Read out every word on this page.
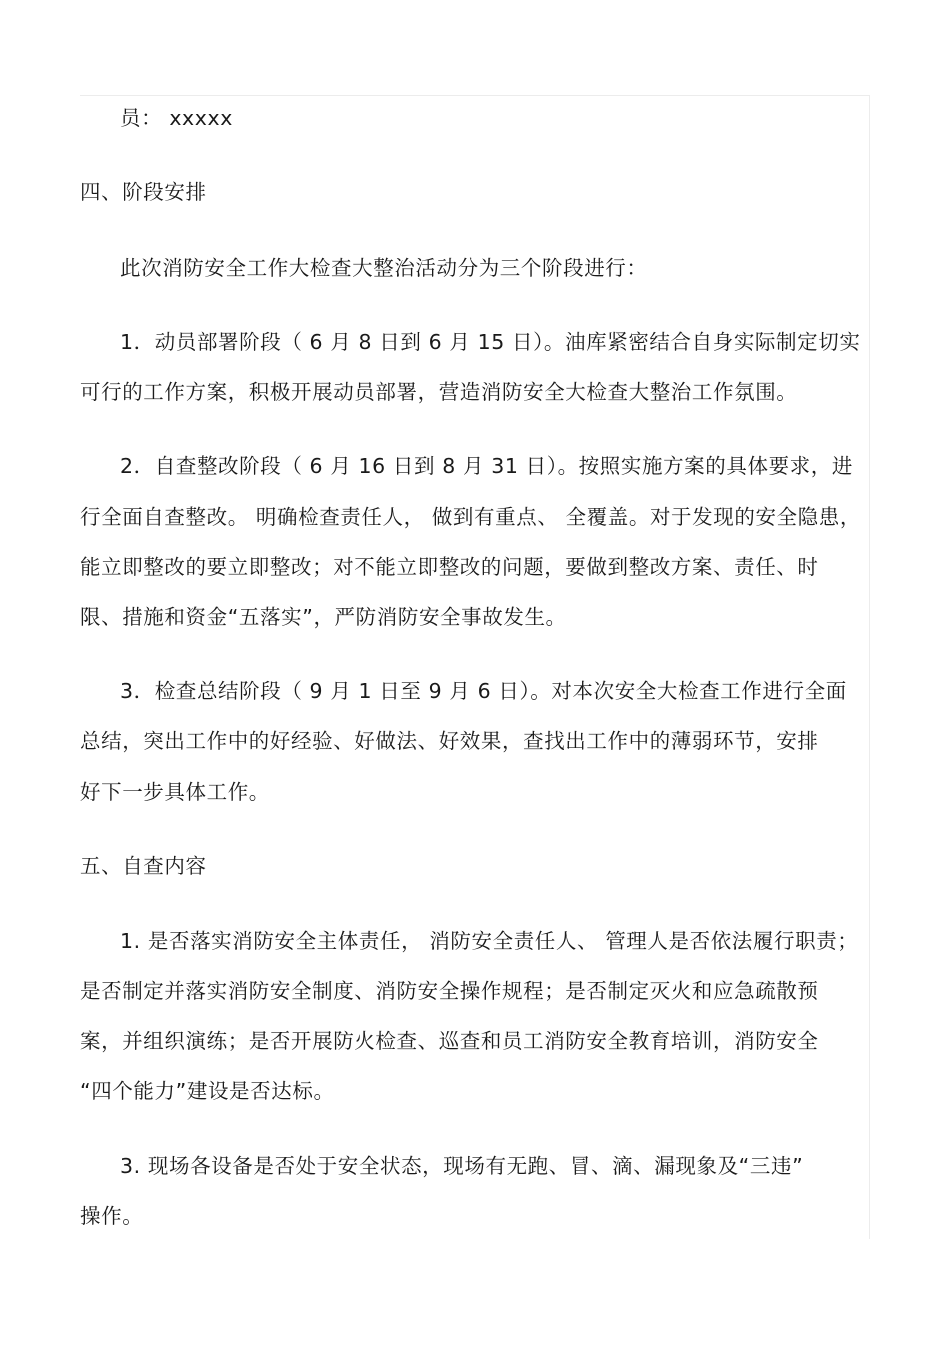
员： xxxxx
四、阶段安排
此次消防安全工作大检查大整治活动分为三个阶段进行：
1．动员部署阶段（ 6 月 8 日到 6 月 15 日）。油库紧密结合自身实际制定切实
可行的工作方案，积极开展动员部署，营造消防安全大检查大整治工作氛围。
2．自查整改阶段（ 6 月 16 日到 8 月 31 日）。按照实施方案的具体要求，进
行全面自查整改。 明确检查责任人， 做到有重点、 全覆盖。对于发现的安全隐患，
能立即整改的要立即整改；对不能立即整改的问题，要做到整改方案、责任、时
限、措施和资金“五落实”，严防消防安全事故发生。
3．检查总结阶段（ 9 月 1 日至 9 月 6 日）。对本次安全大检查工作进行全面
总结，突出工作中的好经验、好做法、好效果，查找出工作中的薄弱环节，安排
好下一步具体工作。
五、自查内容
1. 是否落实消防安全主体责任， 消防安全责任人、 管理人是否依法履行职责；
是否制定并落实消防安全制度、消防安全操作规程；是否制定灭火和应急疏散预
案，并组织演练；是否开展防火检查、巡查和员工消防安全教育培训，消防安全
“四个能力”建设是否达标。
3. 现场各设备是否处于安全状态，现场有无跑、冒、滴、漏现象及“三违”
操作。
